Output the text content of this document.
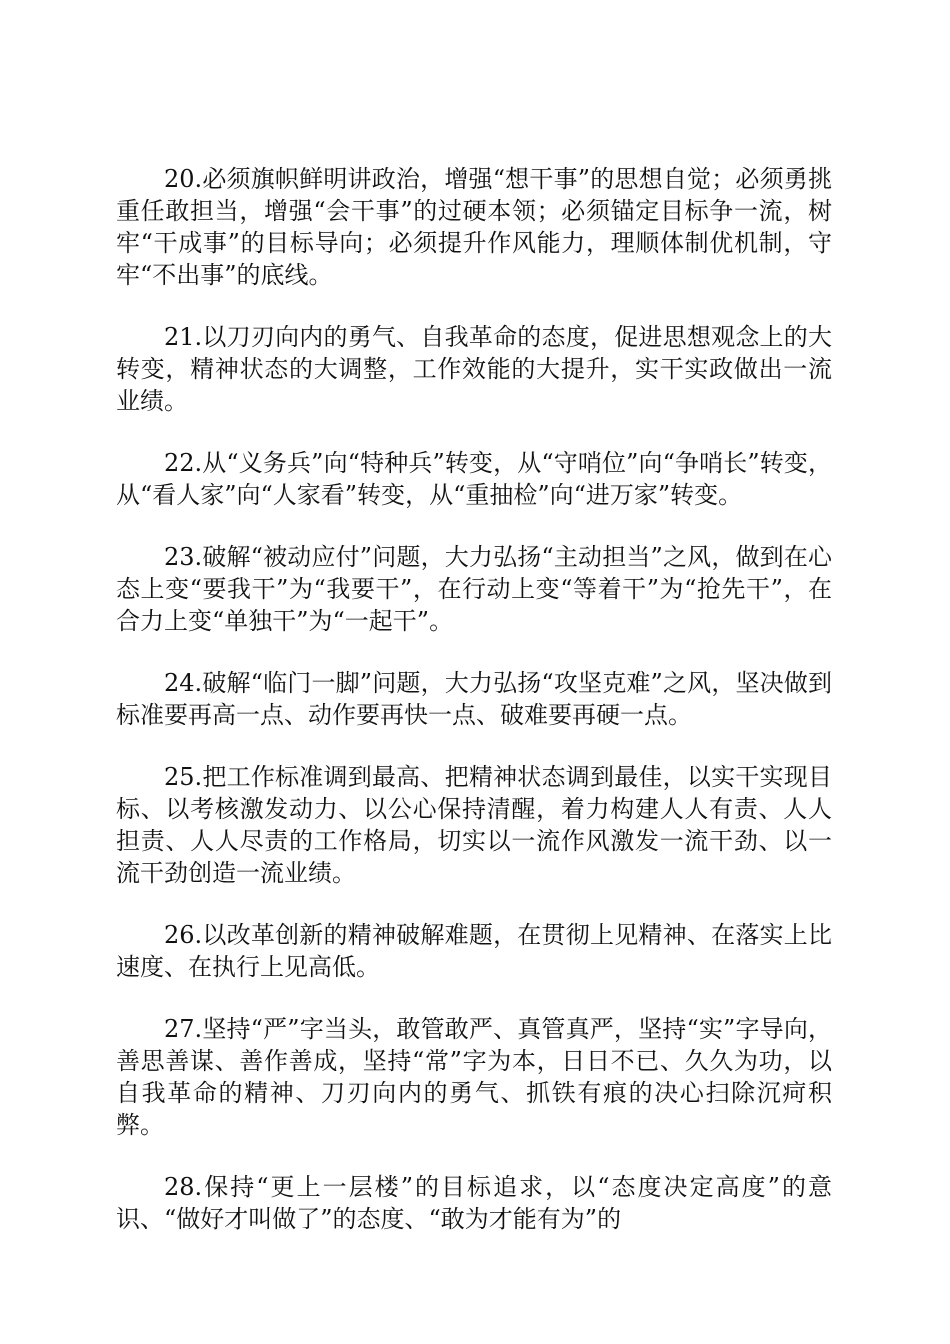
20.必须旗帜鲜明讲政治，增强“想干事”的思想自觉；必须勇挑重任敢担当，增强“会干事”的过硬本领；必须锚定目标争一流，树牢“干成事”的目标导向；必须提升作风能力，理顺体制优机制，守牢“不出事”的底线。

21.以刀刃向内的勇气、自我革命的态度，促进思想观念上的大转变，精神状态的大调整，工作效能的大提升，实干实政做出一流业绩。

22.从“义务兵”向“特种兵”转变，从“守哨位”向“争哨长”转变，从“看人家”向“人家看”转变，从“重抽检”向“进万家”转变。

23.破解“被动应付”问题，大力弘扬“主动担当”之风，做到在心态上变“要我干”为“我要干”，在行动上变“等着干”为“抢先干”，在合力上变“单独干”为“一起干”。

24.破解“临门一脚”问题，大力弘扬“攻坚克难”之风，坚决做到标准要再高一点、动作要再快一点、破难要再硬一点。

25.把工作标准调到最高、把精神状态调到最佳，以实干实现目标、以考核激发动力、以公心保持清醒，着力构建人人有责、人人担责、人人尽责的工作格局，切实以一流作风激发一流干劲、以一流干劲创造一流业绩。

26.以改革创新的精神破解难题，在贯彻上见精神、在落实上比速度、在执行上见高低。

27.坚持“严”字当头，敢管敢严、真管真严，坚持“实”字导向，善思善谋、善作善成，坚持“常”字为本，日日不已、久久为功，以自我革命的精神、刀刃向内的勇气、抓铁有痕的决心扫除沉疴积弊。

28.保持“更上一层楼”的目标追求，以“态度决定高度”的意识、“做好才叫做了”的态度、“敢为才能有为”的
